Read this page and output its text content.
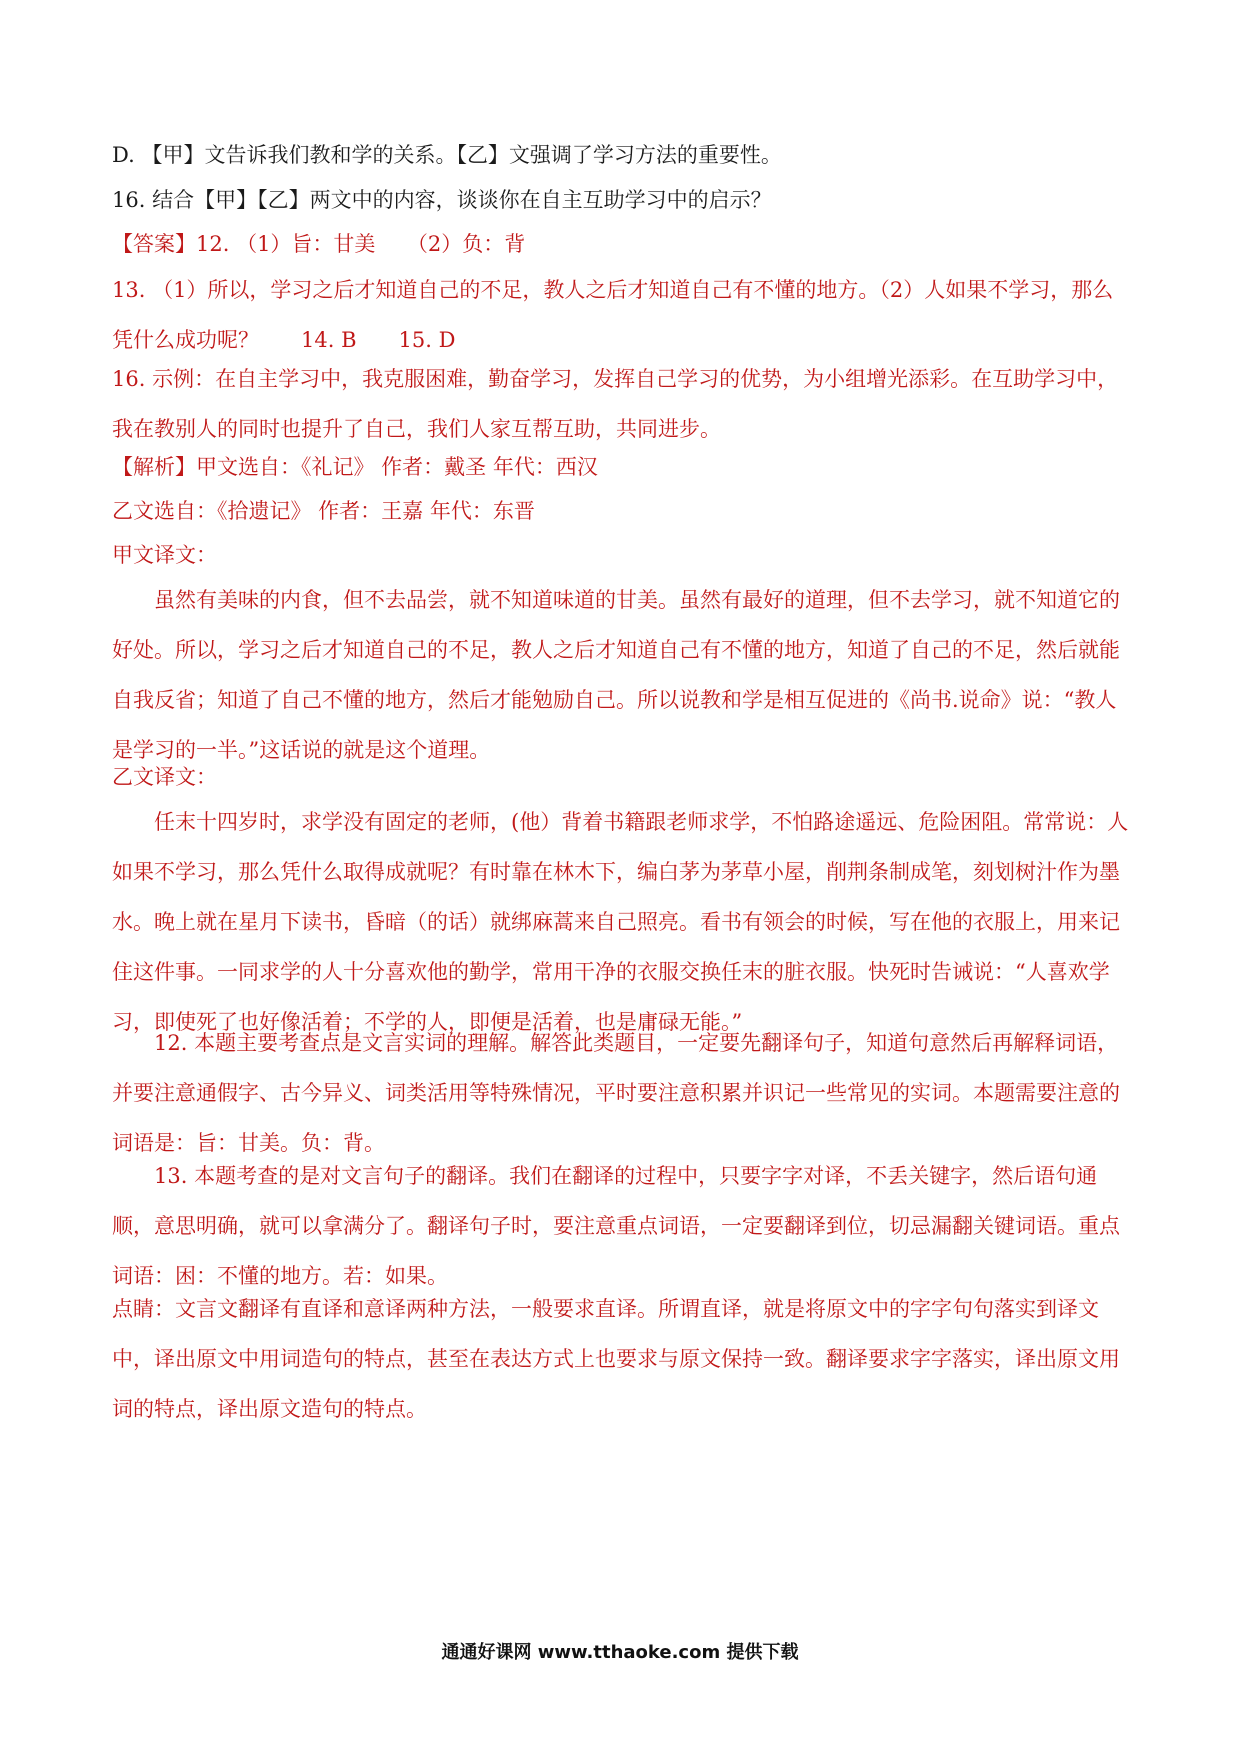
D. 【甲】文告诉我们教和学的关系。【乙】文强调了学习方法的重要性。
16. 结合【甲】【乙】两文中的内容，谈谈你在自主互助学习中的启示？
【答案】12. （1）旨：甘美　　（2）负：背
13. （1）所以，学习之后才知道自己的不足，教人之后才知道自己有不懂的地方。（2）人如果不学习，那么凭什么成功呢？　　14. B　　15. D
16. 示例：在自主学习中，我克服困难，勤奋学习，发挥自己学习的优势，为小组增光添彩。在互助学习中，我在教别人的同时也提升了自己，我们人家互帮互助，共同进步。
【解析】甲文选自：《礼记》 作者：戴圣 年代：西汉
乙文选自：《拾遗记》 作者：王嘉 年代：东晋
甲文译文：
虽然有美味的内食，但不去品尝，就不知道味道的甘美。虽然有最好的道理，但不去学习，就不知道它的好处。所以，学习之后才知道自己的不足，教人之后才知道自己有不懂的地方，知道了自己的不足，然后就能自我反省；知道了自己不懂的地方，然后才能勉励自己。所以说教和学是相互促进的《尚书.说命》说：“教人是学习的一半。”这话说的就是这个道理。
乙文译文：
任末十四岁时，求学没有固定的老师，(他）背着书籍跟老师求学，不怕路途遥远、危险困阻。常常说：人如果不学习，那么凭什么取得成就呢？有时靠在林木下，编白茅为茅草小屋，削荆条制成笔，刻划树汁作为墨水。晚上就在星月下读书，昏暗（的话）就绑麻蒿来自己照亮。看书有领会的时候，写在他的衣服上，用来记住这件事。一同求学的人十分喜欢他的勤学，常用干净的衣服交换任末的脏衣服。快死时告诫说：“人喜欢学习，即使死了也好像活着；不学的人，即便是活着，也是庸碌无能。”
12. 本题主要考查点是文言实词的理解。解答此类题目，一定要先翻译句子，知道句意然后再解释词语，并要注意通假字、古今异义、词类活用等特殊情况，平时要注意积累并识记一些常见的实词。本题需要注意的词语是：旨：甘美。负：背。
13. 本题考查的是对文言句子的翻译。我们在翻译的过程中，只要字字对译，不丢关键字，然后语句通顺，意思明确，就可以拿满分了。翻译句子时，要注意重点词语，一定要翻译到位，切忌漏翻关键词语。重点词语：困：不懂的地方。若：如果。
点睛：文言文翻译有直译和意译两种方法，一般要求直译。所谓直译，就是将原文中的字字句句落实到译文中，译出原文中用词造句的特点，甚至在表达方式上也要求与原文保持一致。翻译要求字字落实，译出原文用词的特点，译出原文造句的特点。
通通好课网 www.tthaoke.com 提供下载
